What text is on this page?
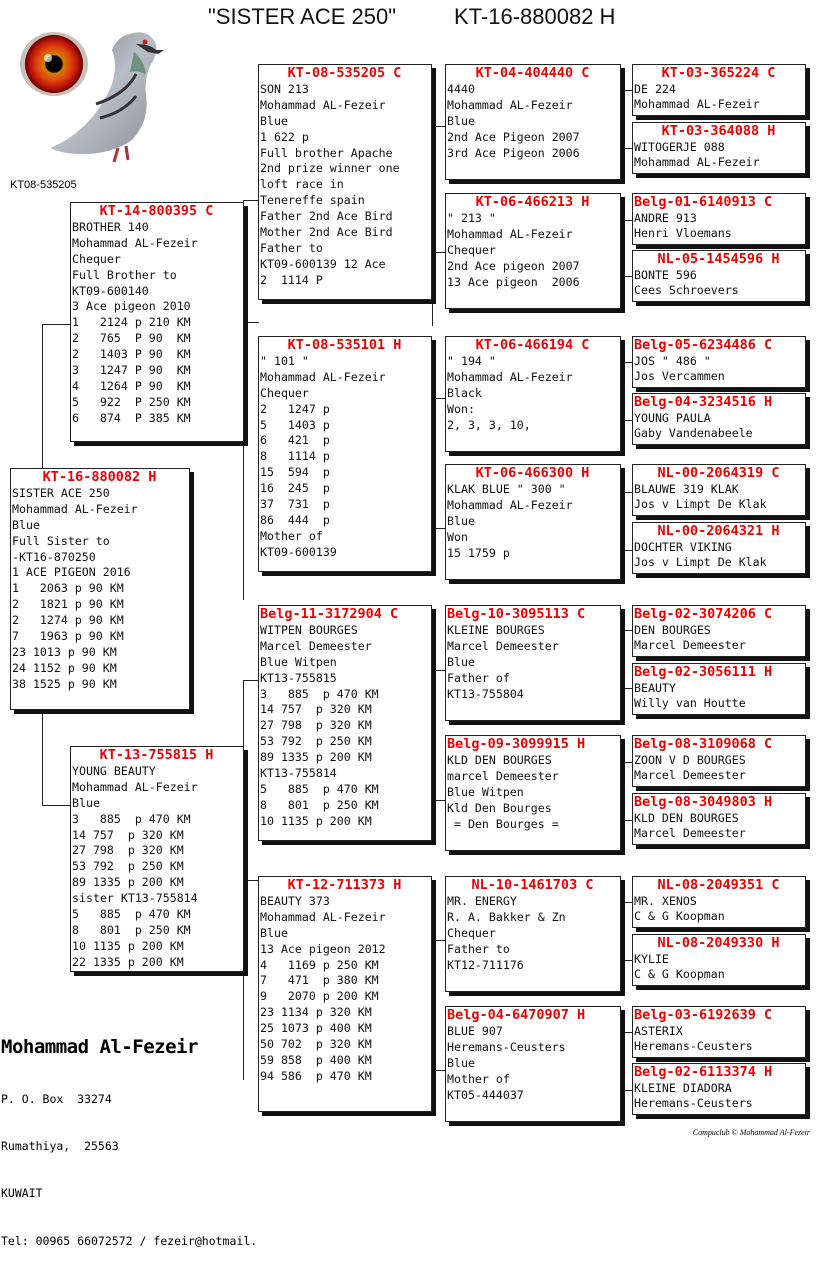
"SISTER ACE 250"	KT-16-880082 H
KT08-535205
KT-16-880082 H
SISTER ACE 250
Mohammad AL-Fezeir
Blue
Full Sister to
-KT16-870250
1 ACE PIGEON 2016
1   2063 p 90 KM
2   1821 p 90 KM
2   1274 p 90 KM
7   1963 p 90 KM
23 1013 p 90 KM
24 1152 p 90 KM
38 1525 p 90 KM
KT-14-800395 C
BROTHER 140
Mohammad AL-Fezeir
Chequer
Full Brother to
KT09-600140
3 Ace pigeon 2010
1   2124 p 210 KM
2   765  P 90  KM
2   1403 P 90  KM
3   1247 P 90  KM
4   1264 P 90  KM
5   922  P 250 KM
6   874  P 385 KM
KT-13-755815 H
YOUNG BEAUTY
Mohammad AL-Fezeir
Blue
3   885  p 470 KM
14 757  p 320 KM
27 798  p 320 KM
53 792  p 250 KM
89 1335 p 200 KM
sister KT13-755814
5   885  p 470 KM
8   801  p 250 KM
10 1135 p 200 KM
22 1335 p 200 KM
KT-08-535205 C
SON 213
Mohammad AL-Fezeir
Blue
1 622 p
Full brother Apache
2nd prize winner one
loft race in
Tenereffe spain
Father 2nd Ace Bird
Mother 2nd Ace Bird
Father to
KT09-600139 12 Ace
2  1114 P
KT-08-535101 H
" 101 "
Mohammad AL-Fezeir
Chequer
2   1247 p
5   1403 p
6   421  p
8   1114 p
15  594  p
16  245  p
37  731  p
86  444  p
Mother of
KT09-600139
Belg-11-3172904 C
WITPEN BOURGES
Marcel Demeester
Blue Witpen
KT13-755815
3   885  p 470 KM
14 757  p 320 KM
27 798  p 320 KM
53 792  p 250 KM
89 1335 p 200 KM
KT13-755814
5   885  p 470 KM
8   801  p 250 KM
10 1135 p 200 KM
KT-12-711373 H
BEAUTY 373
Mohammad AL-Fezeir
Blue
13 Ace pigeon 2012
4   1169 p 250 KM
7   471  p 380 KM
9   2070 p 200 KM
23 1134 p 320 KM
25 1073 p 400 KM
50 702  p 320 KM
59 858  p 400 KM
94 586  p 470 KM
KT-04-404440 C
4440
Mohammad AL-Fezeir
Blue
2nd Ace Pigeon 2007
3rd Ace Pigeon 2006
KT-06-466213 H
" 213 "
Mohammad AL-Fezeir
Chequer
2nd Ace pigeon 2007
13 Ace pigeon  2006
KT-06-466194 C
" 194 "
Mohammad AL-Fezeir
Black
Won:
2, 3, 3, 10,
KT-06-466300 H
KLAK BLUE " 300 "
Mohammad AL-Fezeir
Blue
Won
15 1759 p
Belg-10-3095113 C
KLEINE BOURGES
Marcel Demeester
Blue
Father of
KT13-755804
Belg-09-3099915 H
KLD DEN BOURGES
marcel Demeester
Blue Witpen
Kld Den Bourges
= Den Bourges =
NL-10-1461703 C
MR. ENERGY
R. A. Bakker & Zn
Chequer
Father to
KT12-711176
Belg-04-6470907 H
BLUE 907
Heremans-Ceusters
Blue
Mother of
KT05-444037
KT-03-365224 C
DE 224
Mohammad AL-Fezeir
KT-03-364088 H
WITOGERJE 088
Mohammad AL-Fezeir
Belg-01-6140913 C
ANDRE 913
Henri Vloemans
NL-05-1454596 H
BONTE 596
Cees Schroevers
Belg-05-6234486 C
JOS " 486 "
Jos Vercammen
Belg-04-3234516 H
YOUNG PAULA
Gaby Vandenabeele
NL-00-2064319 C
BLAUWE 319 KLAK
Jos v Limpt De Klak
NL-00-2064321 H
DOCHTER VIKING
Jos v Limpt De Klak
Belg-02-3074206 C
DEN BOURGES
Marcel Demeester
Belg-02-3056111 H
BEAUTY
Willy van Houtte
Belg-08-3109068 C
ZOON V D BOURGES
Marcel Demeester
Belg-08-3049803 H
KLD DEN BOURGES
Marcel Demeester
NL-08-2049351 C
MR. XENOS
C & G Koopman
NL-08-2049330 H
KYLIE
C & G Koopman
Belg-03-6192639 C
ASTERIX
Heremans-Ceusters
Belg-02-6113374 H
KLEINE DIADORA
Heremans-Ceusters
Mohammad Al-Fezeir

P. O. Box  33274

Rumathiya,  25563

KUWAIT

Tel: 00965 66072572 / fezeir@hotmail.

Compuclub © Mohammad Al-Fezeir
